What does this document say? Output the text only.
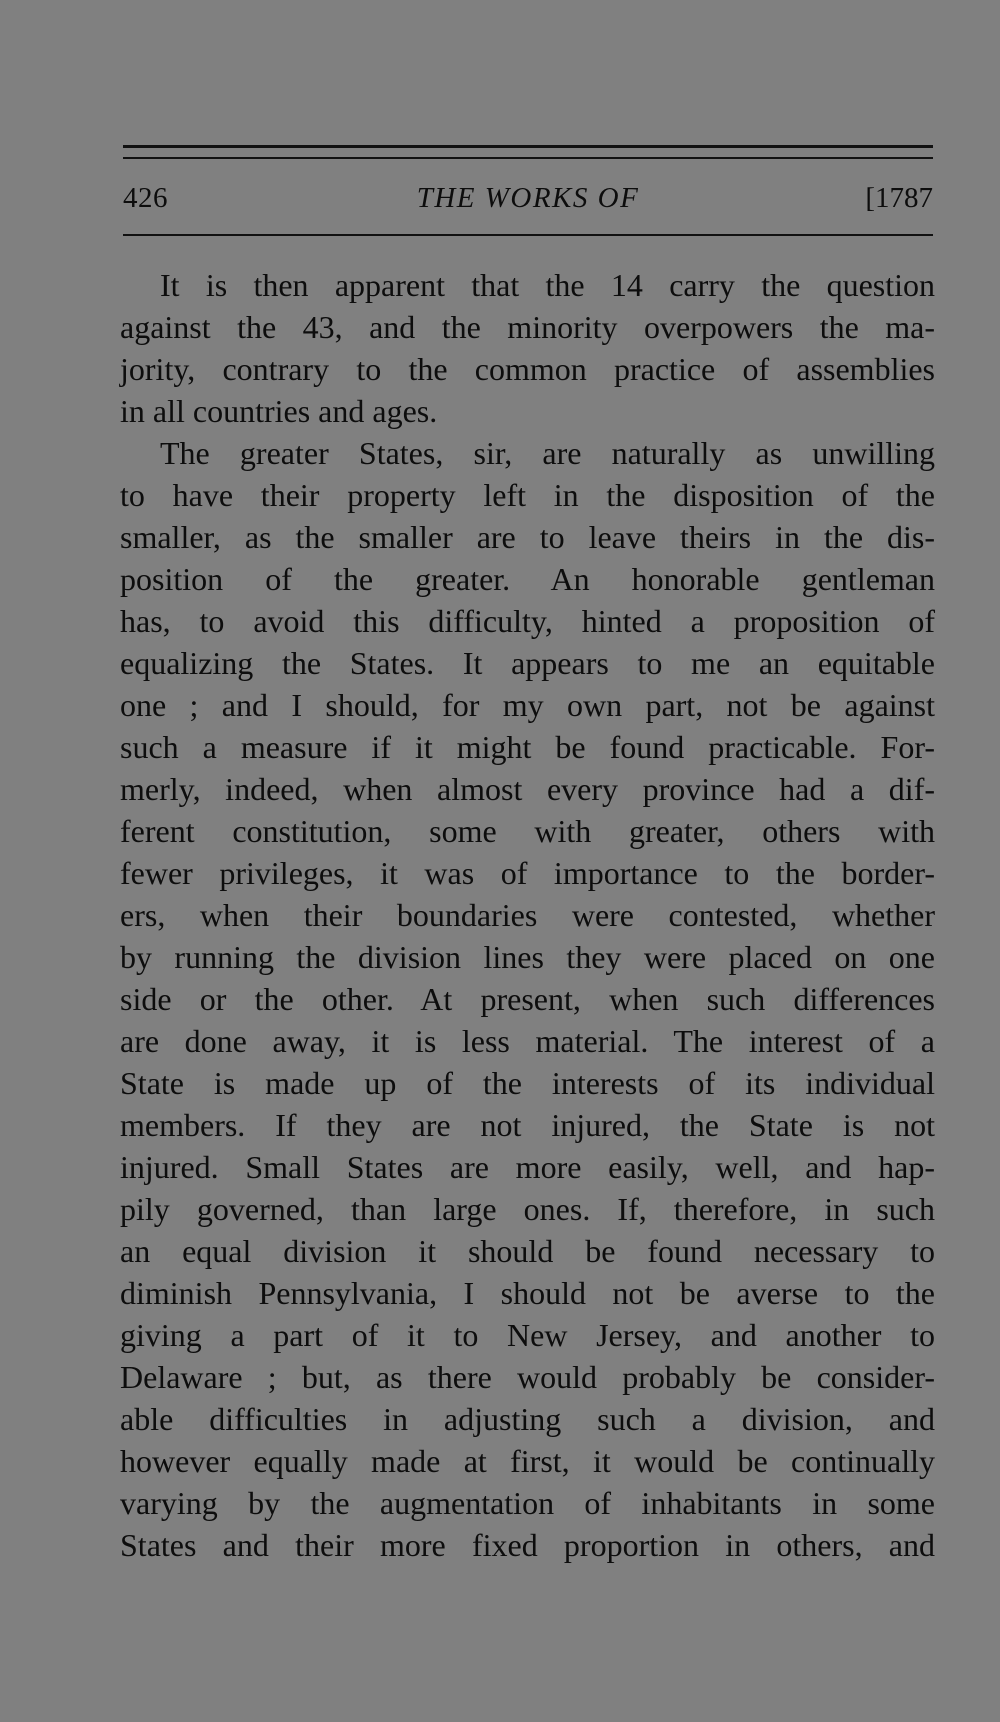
426	THE WORKS OF	[1787
It is then apparent that the 14 carry the question
against the 43, and the minority overpowers the ma-
jority, contrary to the common practice of assemblies
in all countries and ages.
The greater States, sir, are naturally as unwilling
to have their property left in the disposition of the
smaller, as the smaller are to leave theirs in the dis-
position of the greater. An honorable gentleman
has, to avoid this difficulty, hinted a proposition of
equalizing the States. It appears to me an equitable
one ; and I should, for my own part, not be against
such a measure if it might be found practicable. For-
merly, indeed, when almost every province had a dif-
ferent constitution, some with greater, others with
fewer privileges, it was of importance to the border-
ers, when their boundaries were contested, whether
by running the division lines they were placed on one
side or the other. At present, when such differences
are done away, it is less material. The interest of a
State is made up of the interests of its individual
members. If they are not injured, the State is not
injured. Small States are more easily, well, and hap-
pily governed, than large ones. If, therefore, in such
an equal division it should be found necessary to
diminish Pennsylvania, I should not be averse to the
giving a part of it to New Jersey, and another to
Delaware ; but, as there would probably be consider-
able difficulties in adjusting such a division, and
however equally made at first, it would be continually
varying by the augmentation of inhabitants in some
States and their more fixed proportion in others, and
